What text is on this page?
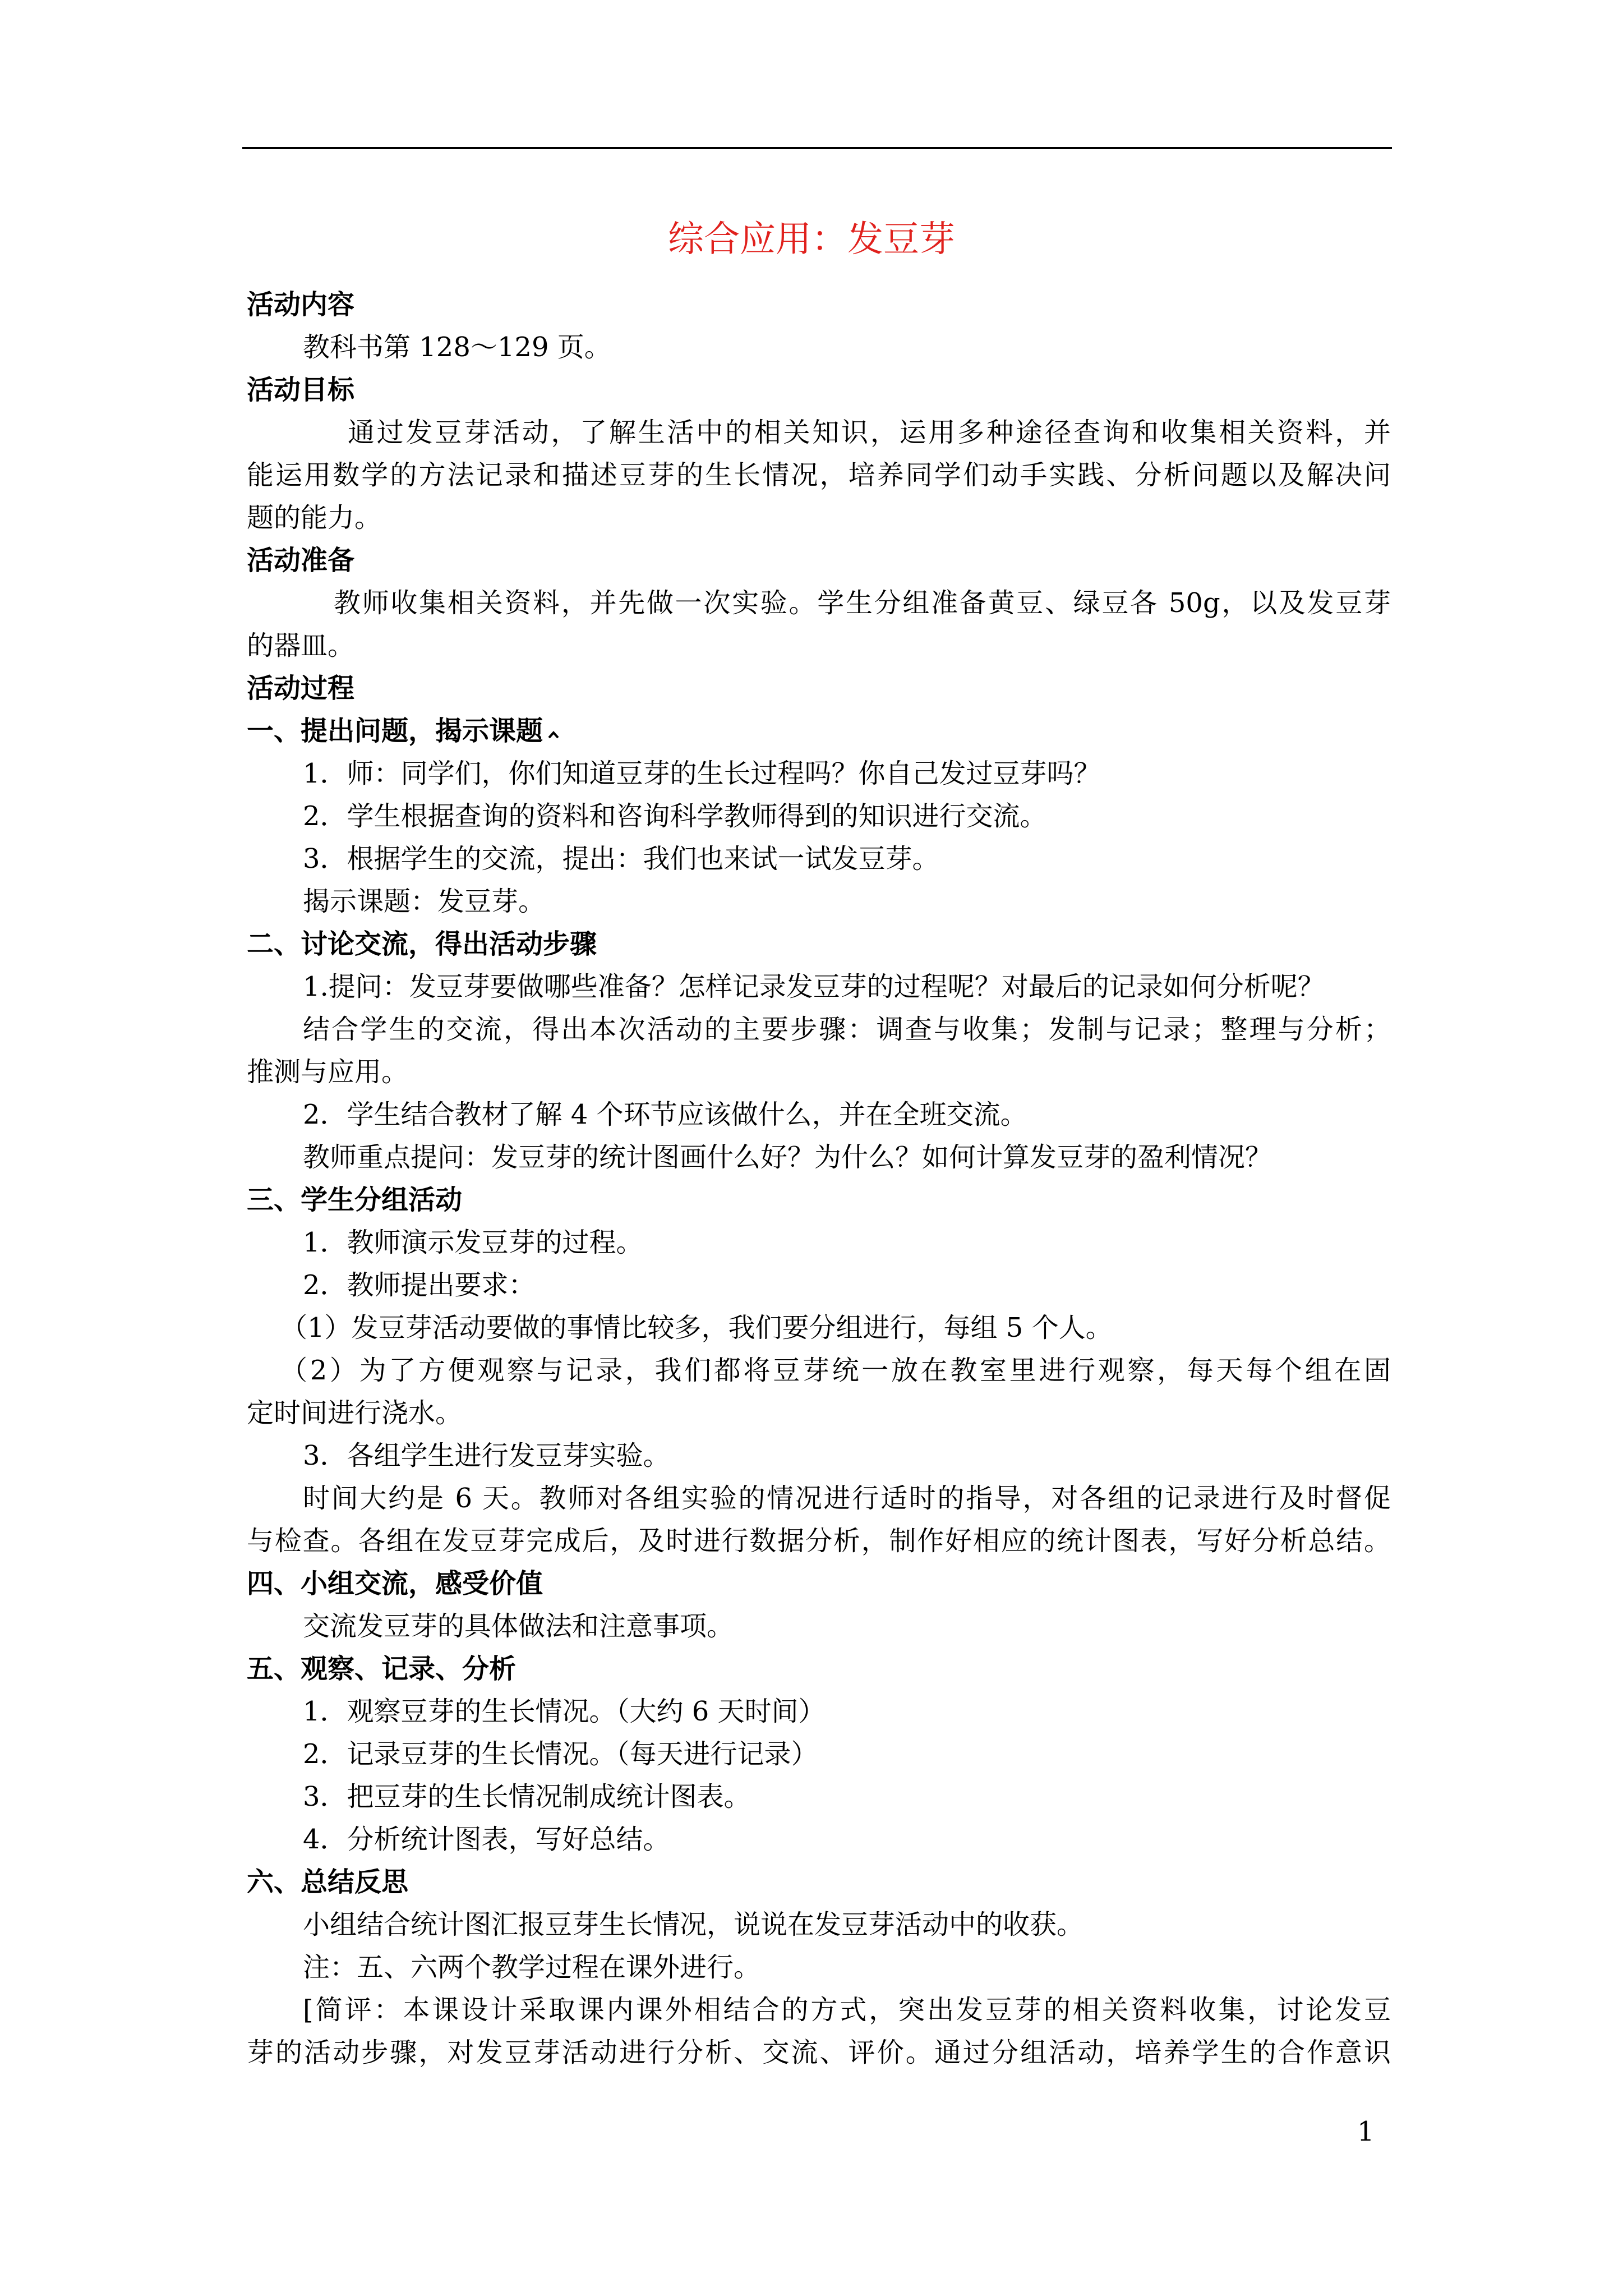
综合应用：发豆芽
活动内容
教科书第 128～129 页。
活动目标
通过发豆芽活动，了解生活中的相关知识，运用多种途径查询和收集相关资料，并
能运用数学的方法记录和描述豆芽的生长情况，培养同学们动手实践、分析问题以及解决问
题的能力。
活动准备
教师收集相关资料，并先做一次实验。学生分组准备黄豆、绿豆各 50g，以及发豆芽
的器皿。
活动过程
一、提出问题，揭示课题
1．师：同学们，你们知道豆芽的生长过程吗？你自己发过豆芽吗？
2．学生根据查询的资料和咨询科学教师得到的知识进行交流。
3．根据学生的交流，提出：我们也来试一试发豆芽。
揭示课题：发豆芽。
二、讨论交流，得出活动步骤
1.提问：发豆芽要做哪些准备？怎样记录发豆芽的过程呢？对最后的记录如何分析呢？
结合学生的交流，得出本次活动的主要步骤：调查与收集；发制与记录；整理与分析；
推测与应用。
2．学生结合教材了解 4 个环节应该做什么，并在全班交流。
教师重点提问：发豆芽的统计图画什么好？为什么？如何计算发豆芽的盈利情况？
三、学生分组活动
1．教师演示发豆芽的过程。
2．教师提出要求：
（1）发豆芽活动要做的事情比较多，我们要分组进行，每组 5 个人。
（2）为了方便观察与记录，我们都将豆芽统一放在教室里进行观察，每天每个组在固
定时间进行浇水。
3．各组学生进行发豆芽实验。
时间大约是 6 天。教师对各组实验的情况进行适时的指导，对各组的记录进行及时督促
与检查。各组在发豆芽完成后，及时进行数据分析，制作好相应的统计图表，写好分析总结。
四、小组交流，感受价值
交流发豆芽的具体做法和注意事项。
五、观察、记录、分析
1．观察豆芽的生长情况。（大约 6 天时间）
2．记录豆芽的生长情况。（每天进行记录）
3．把豆芽的生长情况制成统计图表。
4．分析统计图表，写好总结。
六、总结反思
小组结合统计图汇报豆芽生长情况，说说在发豆芽活动中的收获。
注：五、六两个教学过程在课外进行。
[简评：本课设计采取课内课外相结合的方式，突出发豆芽的相关资料收集，讨论发豆
芽的活动步骤，对发豆芽活动进行分析、交流、评价。通过分组活动，培养学生的合作意识
1
